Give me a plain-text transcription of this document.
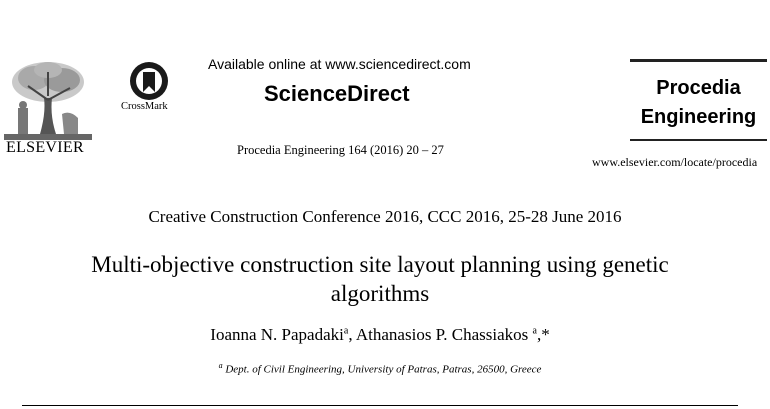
ELSEVIER
CrossMark
Available online at www.sciencedirect.com
ScienceDirect
Procedia Engineering 164 (2016) 20 – 27
Procedia
Engineering
www.elsevier.com/locate/procedia
Creative Construction Conference 2016, CCC 2016, 25-28 June 2016
Multi-objective construction site layout planning using genetic
algorithms
Ioanna N. Papadaki$^a$, Athanasios P. Chassiakos $^a$,*
$^a$ Dept. of Civil Engineering, University of Patras, Patras, 26500, Greece
